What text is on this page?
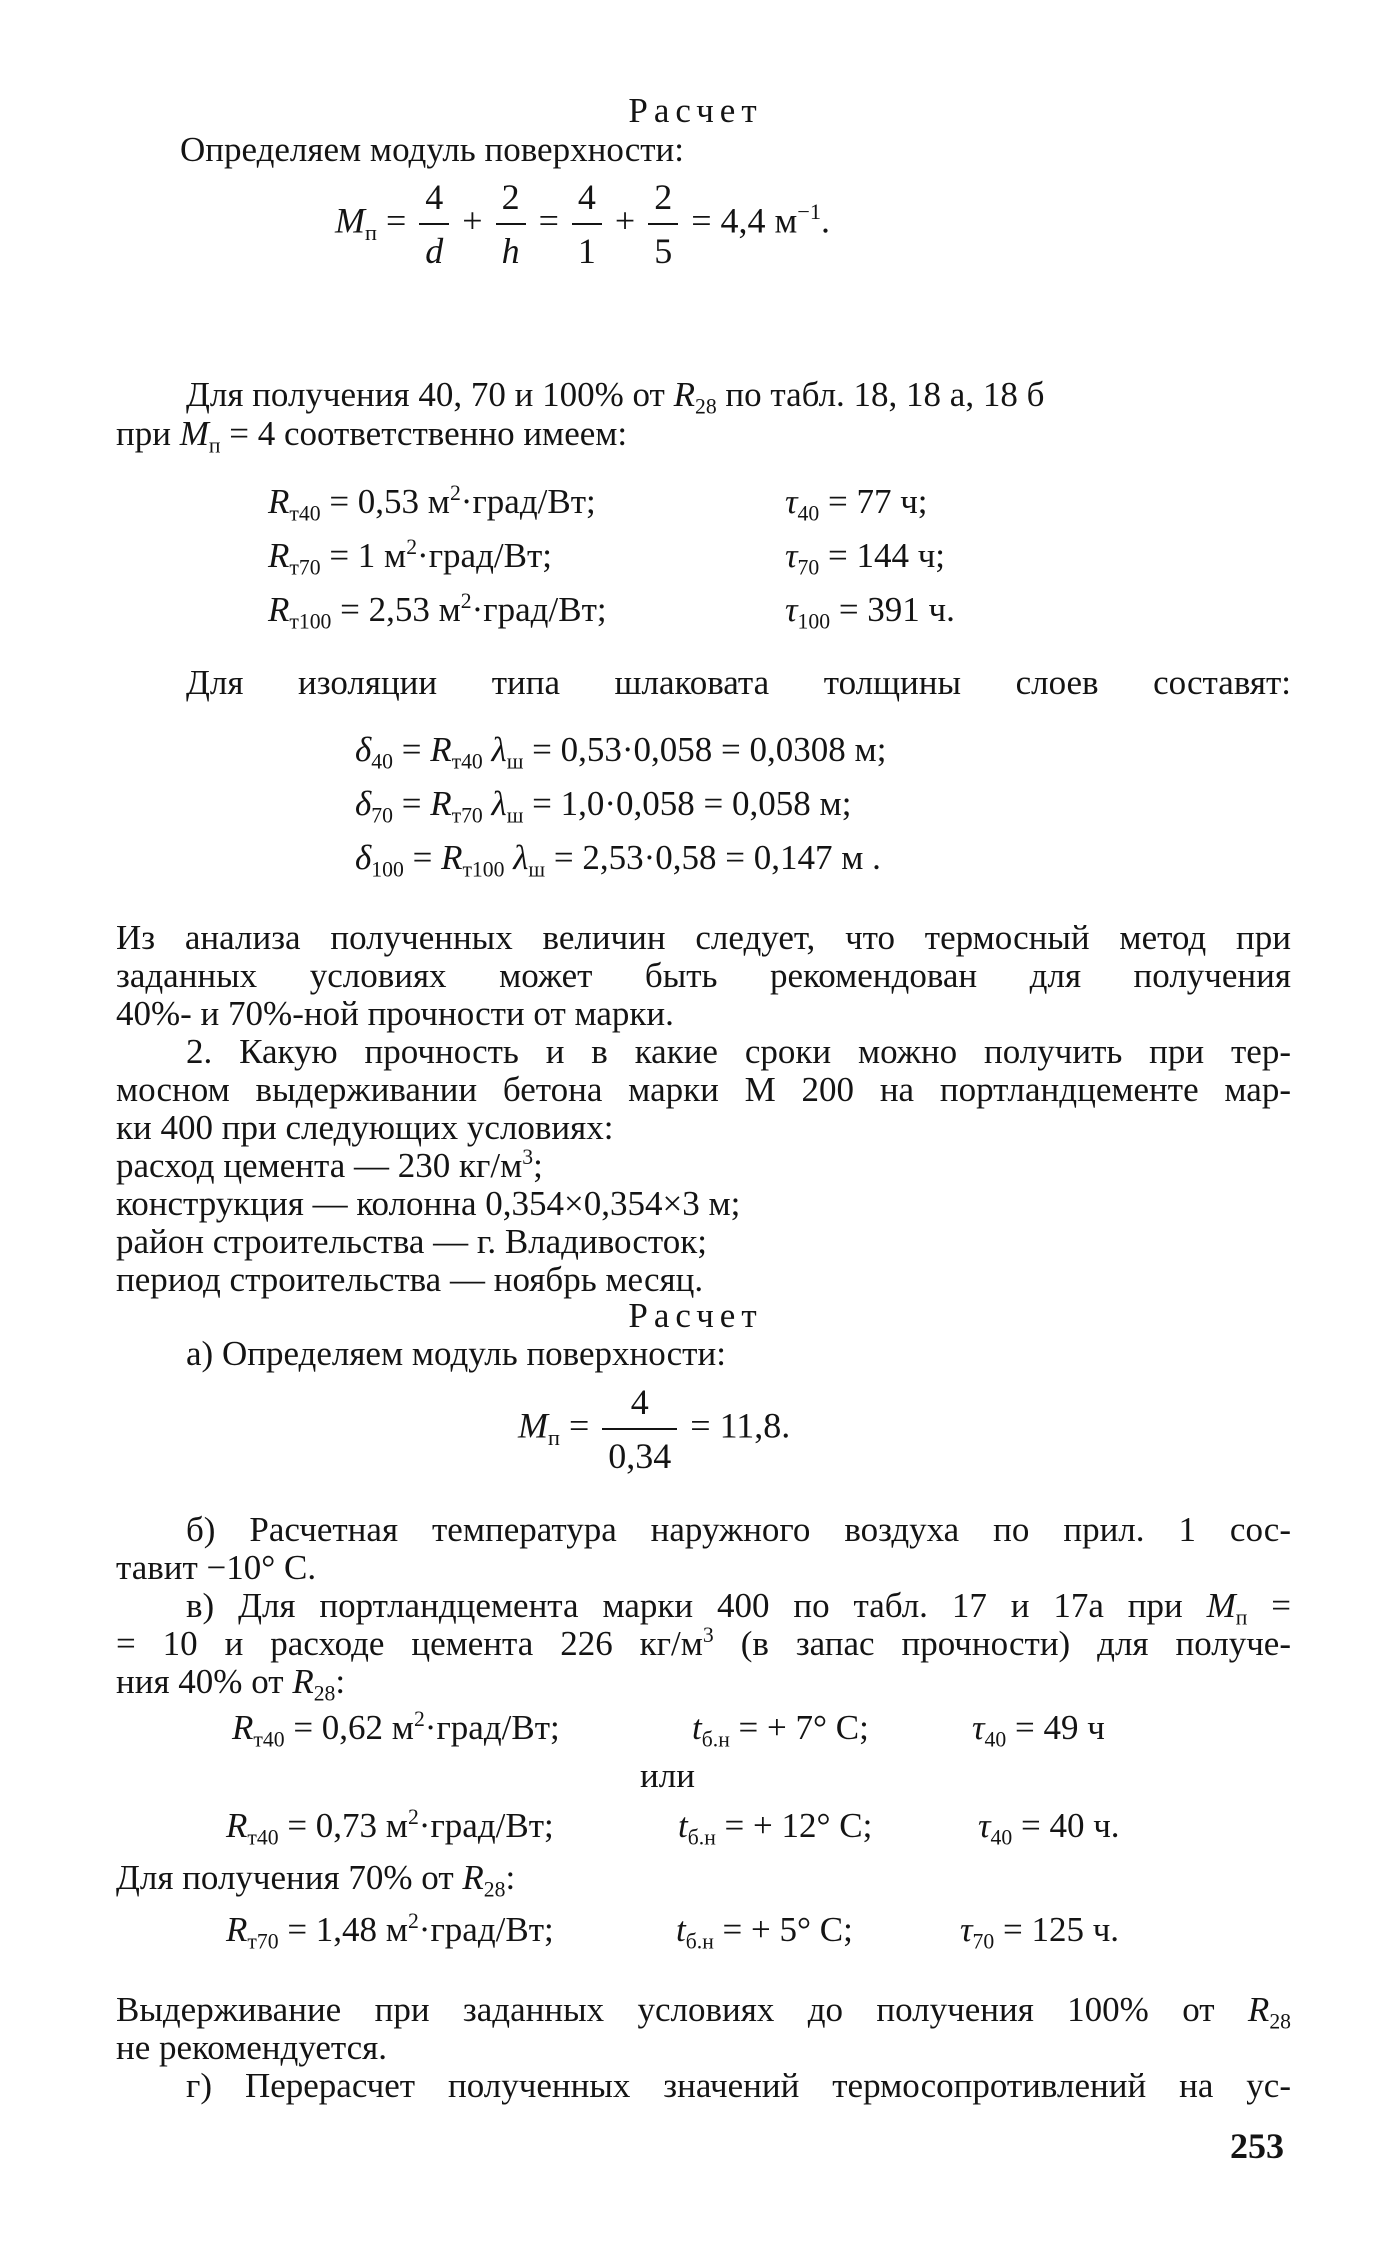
Расчет
Определяем модуль поверхности:
$M_п = \frac{4}{d} + \frac{2}{h} = \frac{4}{1} + \frac{2}{5} = 4,4$ $м^{-1}$.
Для получения 40, 70 и 100% от $R_{28}$ по табл. 18, 18 а, 18 б
при $M_п = 4$ соответственно имеем:
$R_{т40} = 0,53$ $м^2\cdot град/Вт$;	$\tau_{40} = 77$ ч;
$R_{т70} = 1$ $м^2\cdot град/Вт$;	$\tau_{70} = 144$ ч;
$R_{т100} = 2,53$ $м^2\cdot град/Вт$;	$\tau_{100} = 391$ ч.
Для изоляции типа шлаковата толщины слоев составят:
$\delta_{40} = R_{т40}$ $\lambda_ш = 0,53\cdot 0,058 = 0,0308$ м;
$\delta_{70} = R_{т70}$ $\lambda_ш = 1,0\cdot 0,058 = 0,058$ м;
$\delta_{100} = R_{т100}$ $\lambda_ш = 2,53\cdot 0,58 = 0,147$ м .
Из анализа полученных величин следует, что термосный метод при
заданных условиях может быть рекомендован для получения
40%- и 70%-ной прочности от марки.
2. Какую прочность и в какие сроки можно получить при тер-
мосном выдерживании бетона марки М 200 на портландцементе мар-
ки 400 при следующих условиях:
расход цемента — 230 $кг/м^3$;
конструкция — колонна 0,354×0,354×3 м;
район строительства — г. Владивосток;
период строительства — ноябрь месяц.
Расчет
а) Определяем модуль поверхности:
$M_п = \frac{4}{0,34} = 11,8$.
б) Расчетная температура наружного воздуха по прил. 1 сос-
тавит −10° С.
в) Для портландцемента марки 400 по табл. 17 и 17а при $M_п$ =
= 10 и расходе цемента 226 $кг/м^3$ (в запас прочности) для получе-
ния 40% от $R_{28}$:
$R_{т40} = 0,62$ $м^2\cdot град/Вт$;	$t_{б.н}$ = + 7° С;	$\tau_{40} = 49$ ч
или
$R_{т40} = 0,73$ $м^2\cdot град/Вт$;	$t_{б.н}$ = + 12° С;	$\tau_{40} = 40$ ч.
Для получения 70% от $R_{28}$:
$R_{т70} = 1,48$ $м^2\cdot град/Вт$;	$t_{б.н}$ = + 5° С;	$\tau_{70} = 125$ ч.
Выдерживание при заданных условиях до получения 100% от $R_{28}$
не рекомендуется.
г) Перерасчет полученных значений термосопротивлений на ус-
253
